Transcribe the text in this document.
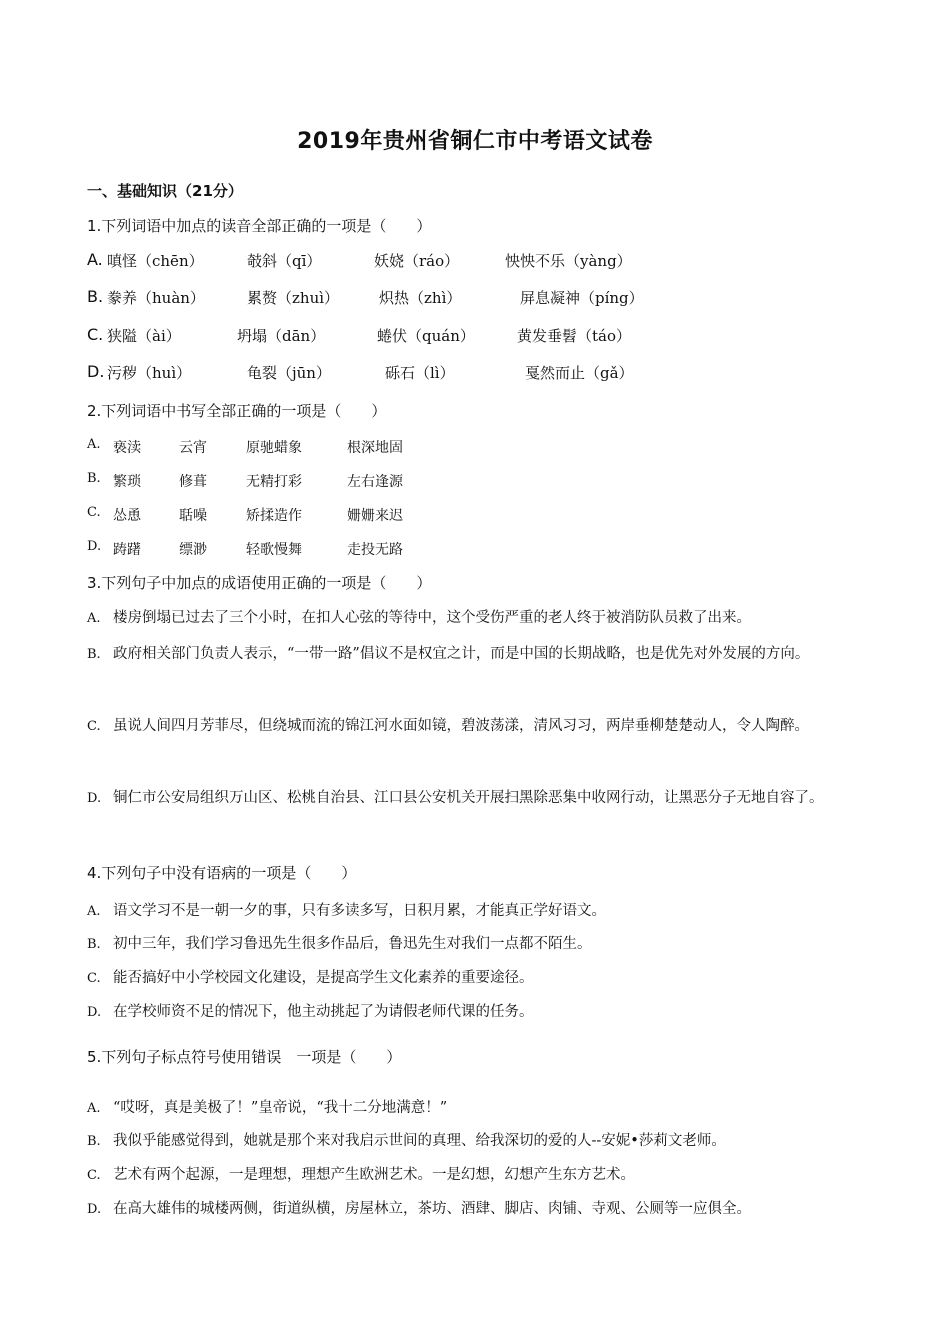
2019年贵州省铜仁市中考语文试卷
一、基础知识（21分）
1.下列词语中加点的读音全部正确的一项是（　　）
A. 嗔怪（chēn）	攲斜（qī）	妖娆（ráo）	怏怏不乐（yàng）
B. 豢养（huàn）	累赘（zhuì）	炽热（zhì）	屏息凝神（píng）
C. 狭隘（ài）	坍塌（dān）	蜷伏（quán）	黄发垂髫（táo）
D. 污秽（huì）	龟裂（jūn）	砾石（lì）	戛然而止（gǎ）
2.下列词语中书写全部正确的一项是（　　）
A. 亵渎	云宵	原驰蜡象	根深地固
B. 繁琐	修葺	无精打彩	左右逢源
C. 怂恿	聒噪	矫揉造作	姗姗来迟
D. 踌躇	缥渺	轻歌慢舞	走投无路
3.下列句子中加点的成语使用正确的一项是（　　）
A. 楼房倒塌已过去了三个小时，在扣人心弦的等待中，这个受伤严重的老人终于被消防队员救了出来。
B. 政府相关部门负责人表示，“一带一路”倡议不是权宜之计，而是中国的长期战略，也是优先对外发展的方向。
C. 虽说人间四月芳菲尽，但绕城而流的锦江河水面如镜，碧波荡漾，清风习习，两岸垂柳楚楚动人，令人陶醉。
D. 铜仁市公安局组织万山区、松桃自治县、江口县公安机关开展扫黑除恶集中收网行动，让黑恶分子无地自容了。
4.下列句子中没有语病的一项是（　　）
A. 语文学习不是一朝一夕的事，只有多读多写，日积月累，才能真正学好语文。
B. 初中三年，我们学习鲁迅先生很多作品后，鲁迅先生对我们一点都不陌生。
C. 能否搞好中小学校园文化建设，是提高学生文化素养的重要途径。
D. 在学校师资不足的情况下，他主动挑起了为请假老师代课的任务。
5.下列句子标点符号使用错误　一项是（　　）
A. “哎呀，真是美极了！”皇帝说，“我十二分地满意！”
B. 我似乎能感觉得到，她就是那个来对我启示世间的真理、给我深切的爱的人--安妮•莎莉文老师。
C. 艺术有两个起源，一是理想，理想产生欧洲艺术。一是幻想，幻想产生东方艺术。
D. 在高大雄伟的城楼两侧，街道纵横，房屋林立，茶坊、酒肆、脚店、肉铺、寺观、公厕等一应俱全。
